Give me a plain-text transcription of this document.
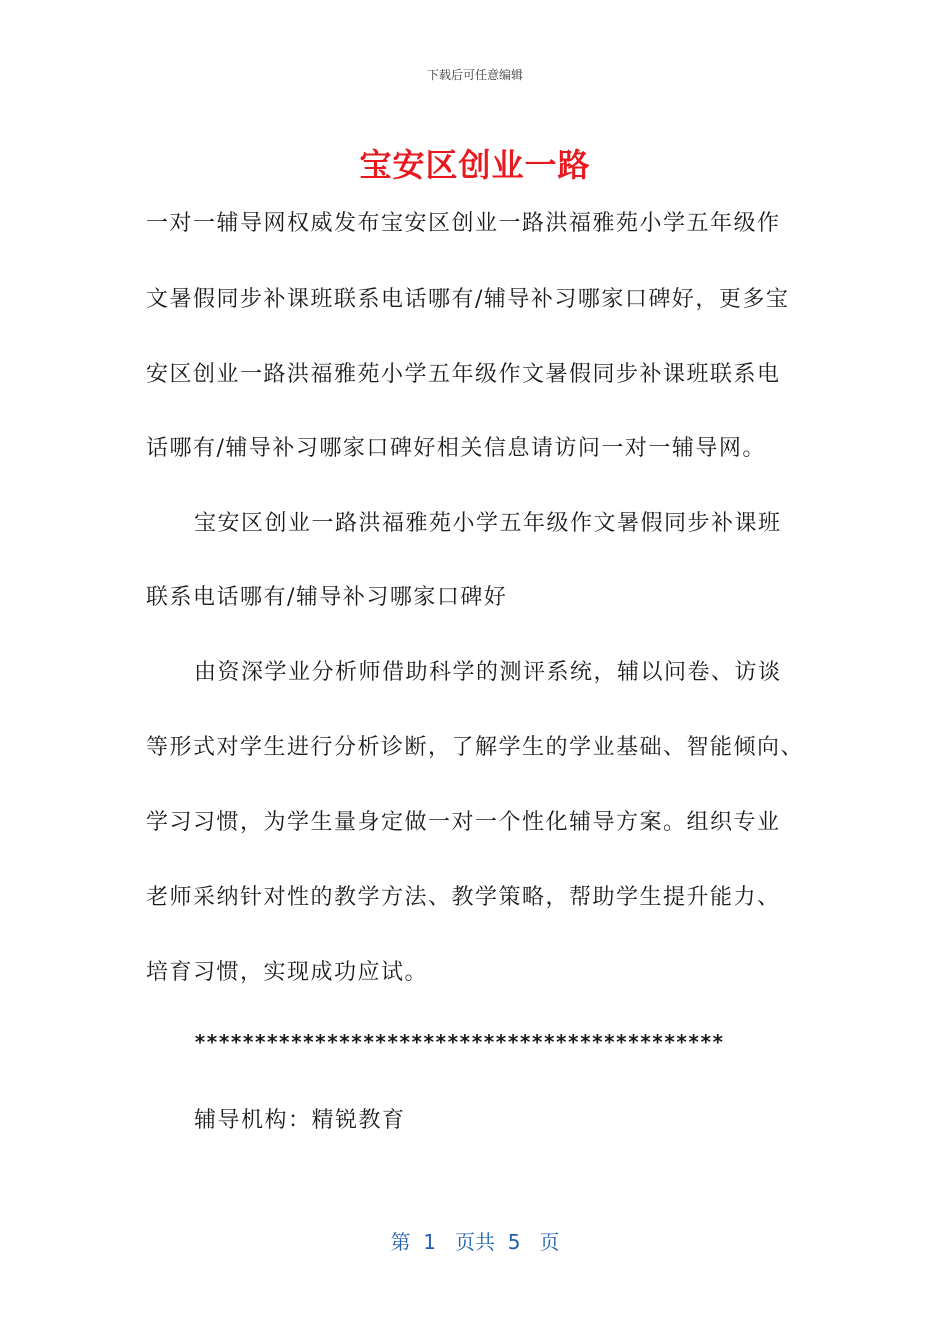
下载后可任意编辑
宝安区创业一路
一对一辅导网权威发布宝安区创业一路洪福雅苑小学五年级作
文暑假同步补课班联系电话哪有/辅导补习哪家口碑好，更多宝
安区创业一路洪福雅苑小学五年级作文暑假同步补课班联系电
话哪有/辅导补习哪家口碑好相关信息请访问一对一辅导网。
宝安区创业一路洪福雅苑小学五年级作文暑假同步补课班
联系电话哪有/辅导补习哪家口碑好
由资深学业分析师借助科学的测评系统，辅以问卷、访谈
等形式对学生进行分析诊断，了解学生的学业基础、智能倾向、
学习习惯，为学生量身定做一对一个性化辅导方案。组织专业
老师采纳针对性的教学方法、教学策略，帮助学生提升能力、
培育习惯，实现成功应试。
********************************************
辅导机构：精锐教育
第  1   页共  5   页
